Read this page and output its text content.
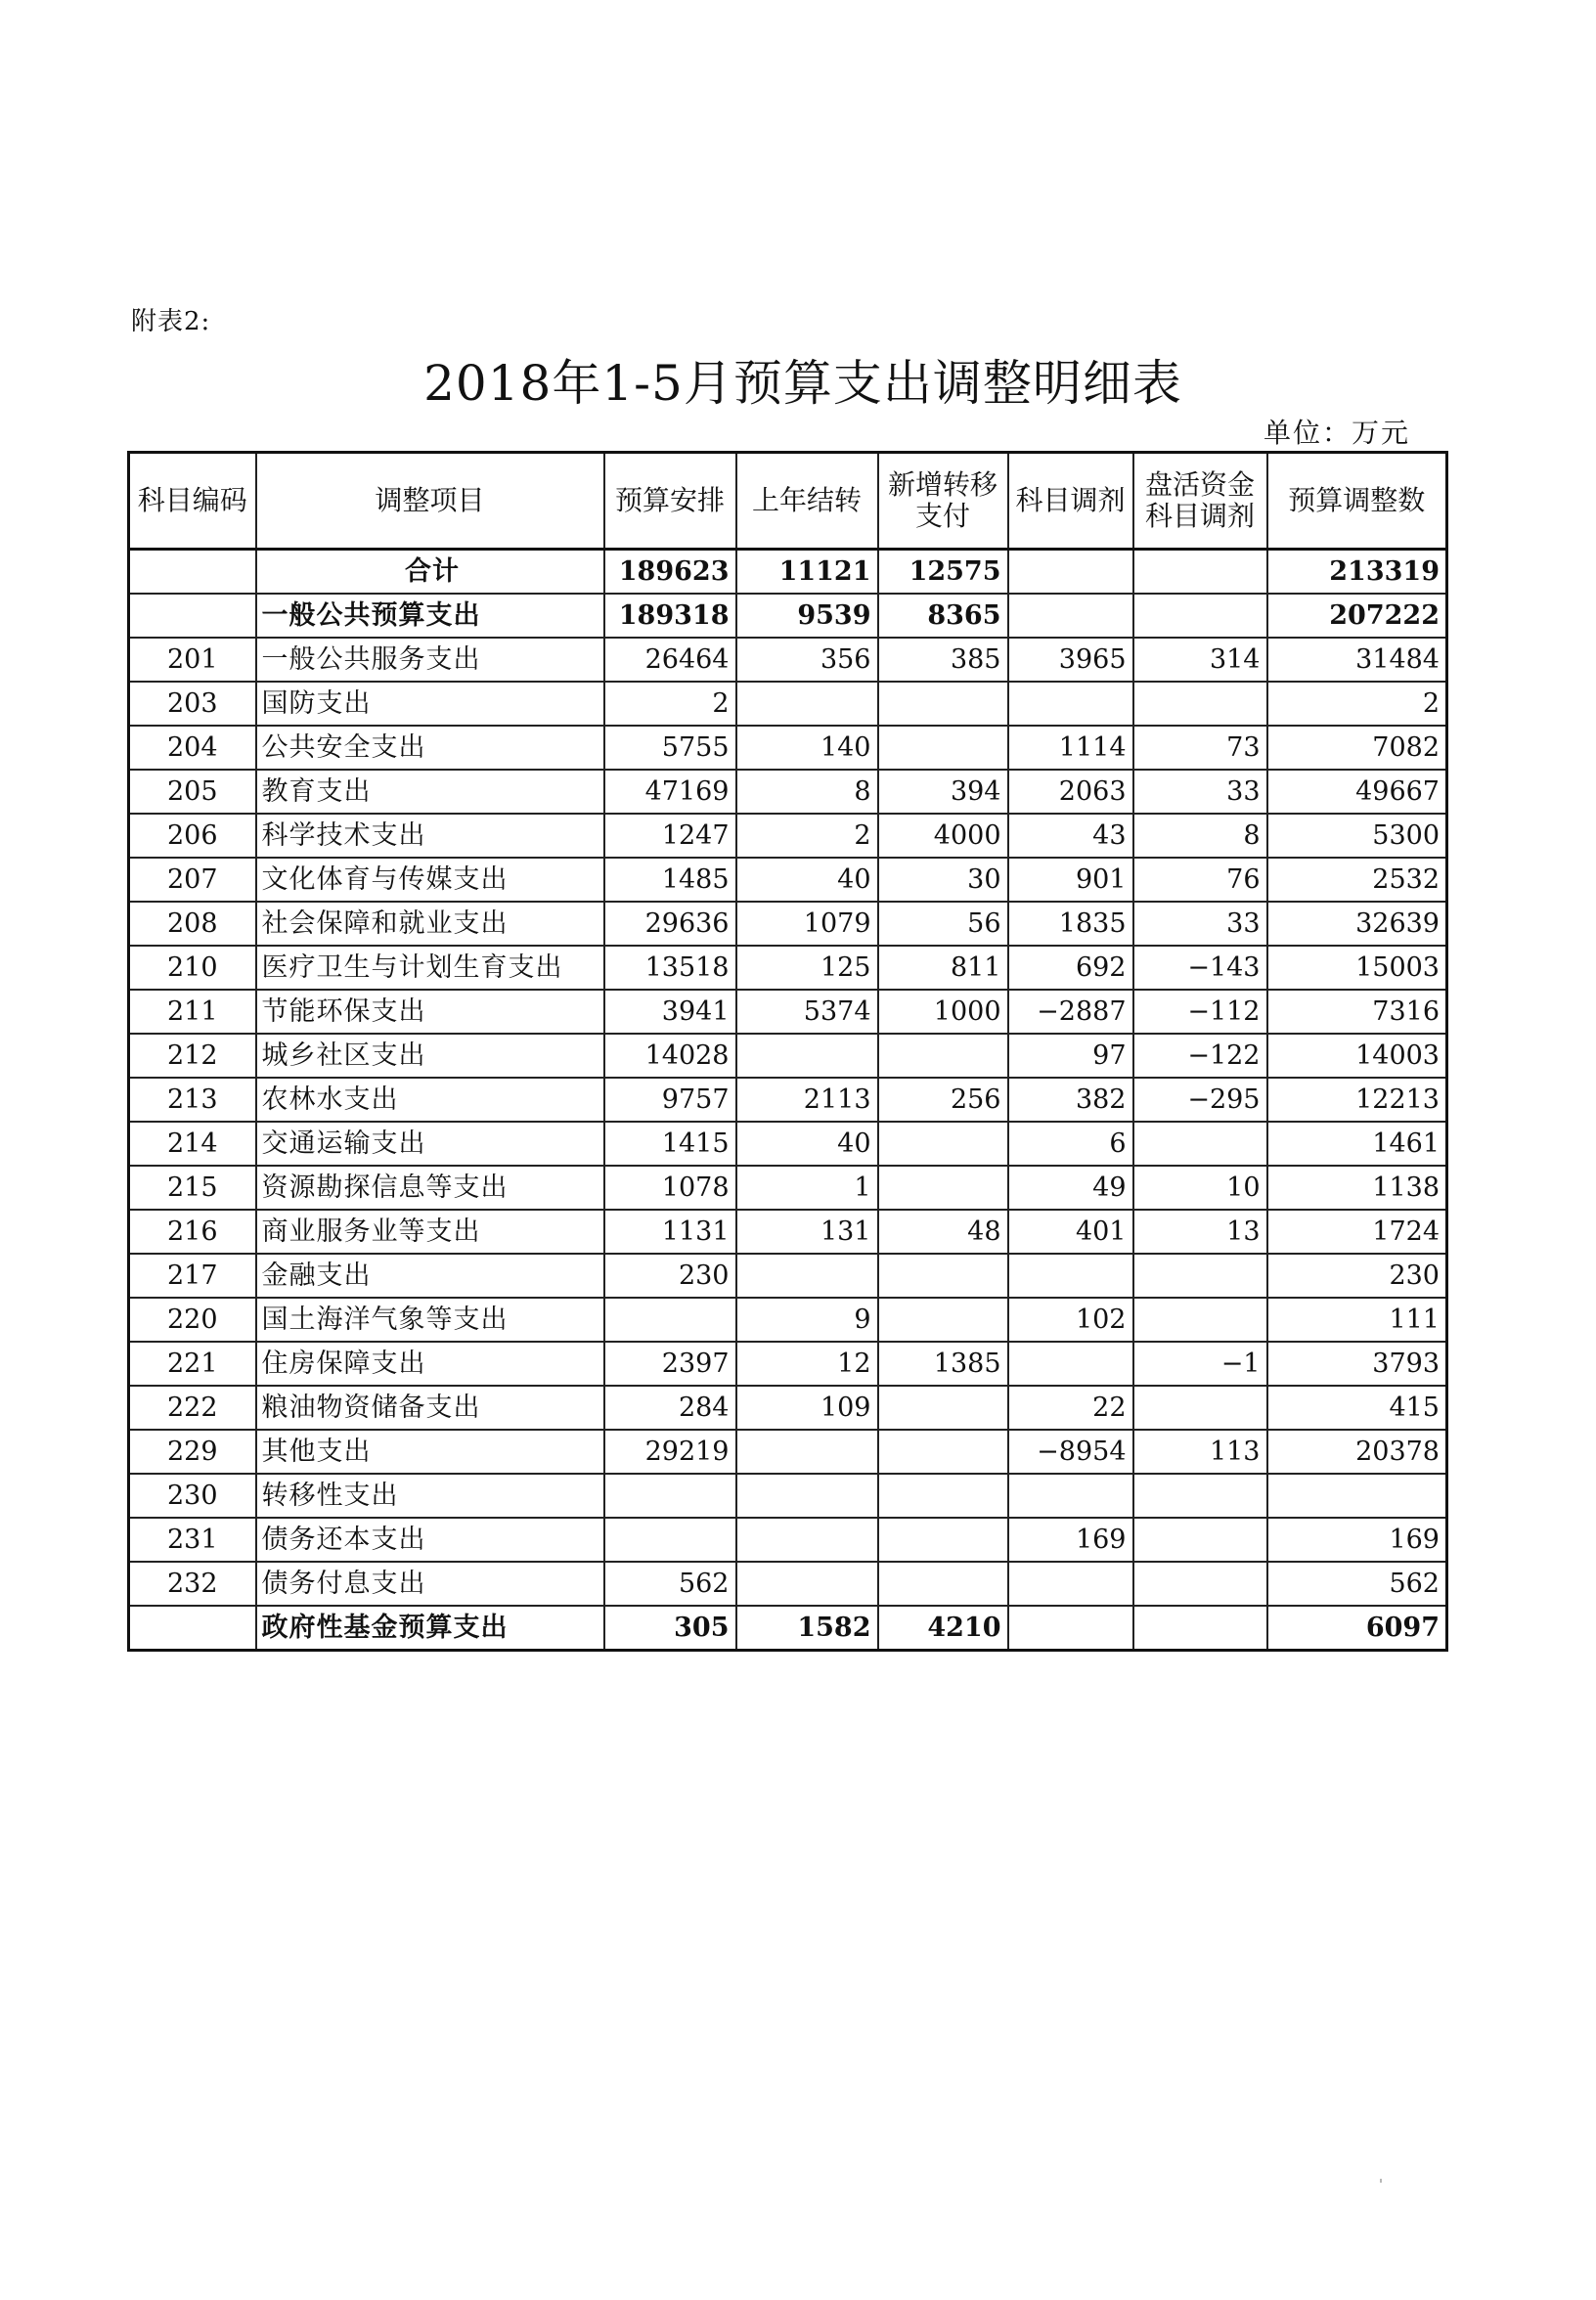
附表2:
2018年1-5月预算支出调整明细表
单位：万元
科目编码	调整项目	预算安排	上年结转	新增转移支付	科目调剂	盘活资金科目调剂	预算调整数
	合计	189623	11121	12575			213319
	一般公共预算支出	189318	9539	8365			207222
201	一般公共服务支出	26464	356	385	3965	314	31484
203	国防支出	2					2
204	公共安全支出	5755	140		1114	73	7082
205	教育支出	47169	8	394	2063	33	49667
206	科学技术支出	1247	2	4000	43	8	5300
207	文化体育与传媒支出	1485	40	30	901	76	2532
208	社会保障和就业支出	29636	1079	56	1835	33	32639
210	医疗卫生与计划生育支出	13518	125	811	692	−143	15003
211	节能环保支出	3941	5374	1000	−2887	−112	7316
212	城乡社区支出	14028			97	−122	14003
213	农林水支出	9757	2113	256	382	−295	12213
214	交通运输支出	1415	40		6		1461
215	资源勘探信息等支出	1078	1		49	10	1138
216	商业服务业等支出	1131	131	48	401	13	1724
217	金融支出	230					230
220	国土海洋气象等支出		9		102		111
221	住房保障支出	2397	12	1385		−1	3793
222	粮油物资储备支出	284	109		22		415
229	其他支出	29219			−8954	113	20378
230	转移性支出						
231	债务还本支出				169		169
232	债务付息支出	562					562
	政府性基金预算支出	305	1582	4210			6097
